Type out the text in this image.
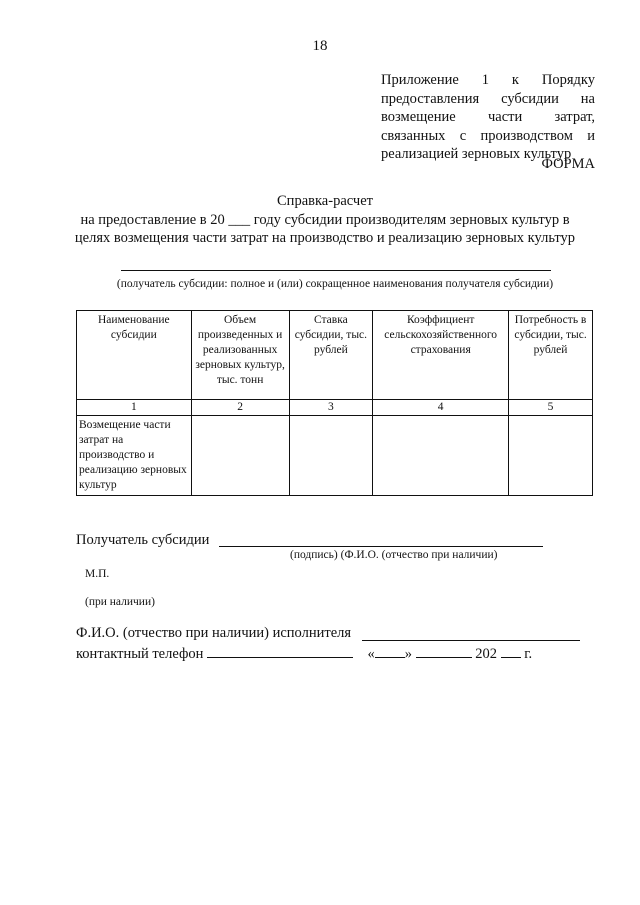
18
Приложение 1 к Порядку предоставления субсидии на возмещение части затрат, связанных с производством и реализацией зерновых культур
ФОРМА
Справка-расчет
на предоставление в 20 ___ году субсидии производителям зерновых культур в целях возмещения части затрат на производство и реализацию зерновых культур
(получатель субсидии: полное и (или) сокращенное наименования получателя субсидии)
Наименование субсидии	Объем произведенных и реализованных зерновых культур, тыс. тонн	Ставка субсидии, тыс. рублей	Коэффициент сельскохозяйственного страхования	Потребность в субсидии, тыс. рублей
1	2	3	4	5
Возмещение части затрат на производство и реализацию зерновых культур				
Получатель субсидии
(подпись) (Ф.И.О. (отчество при наличии)
М.П.
(при наличии)
Ф.И.О. (отчество при наличии) исполнителя
контактный телефон	« »	202 г.
